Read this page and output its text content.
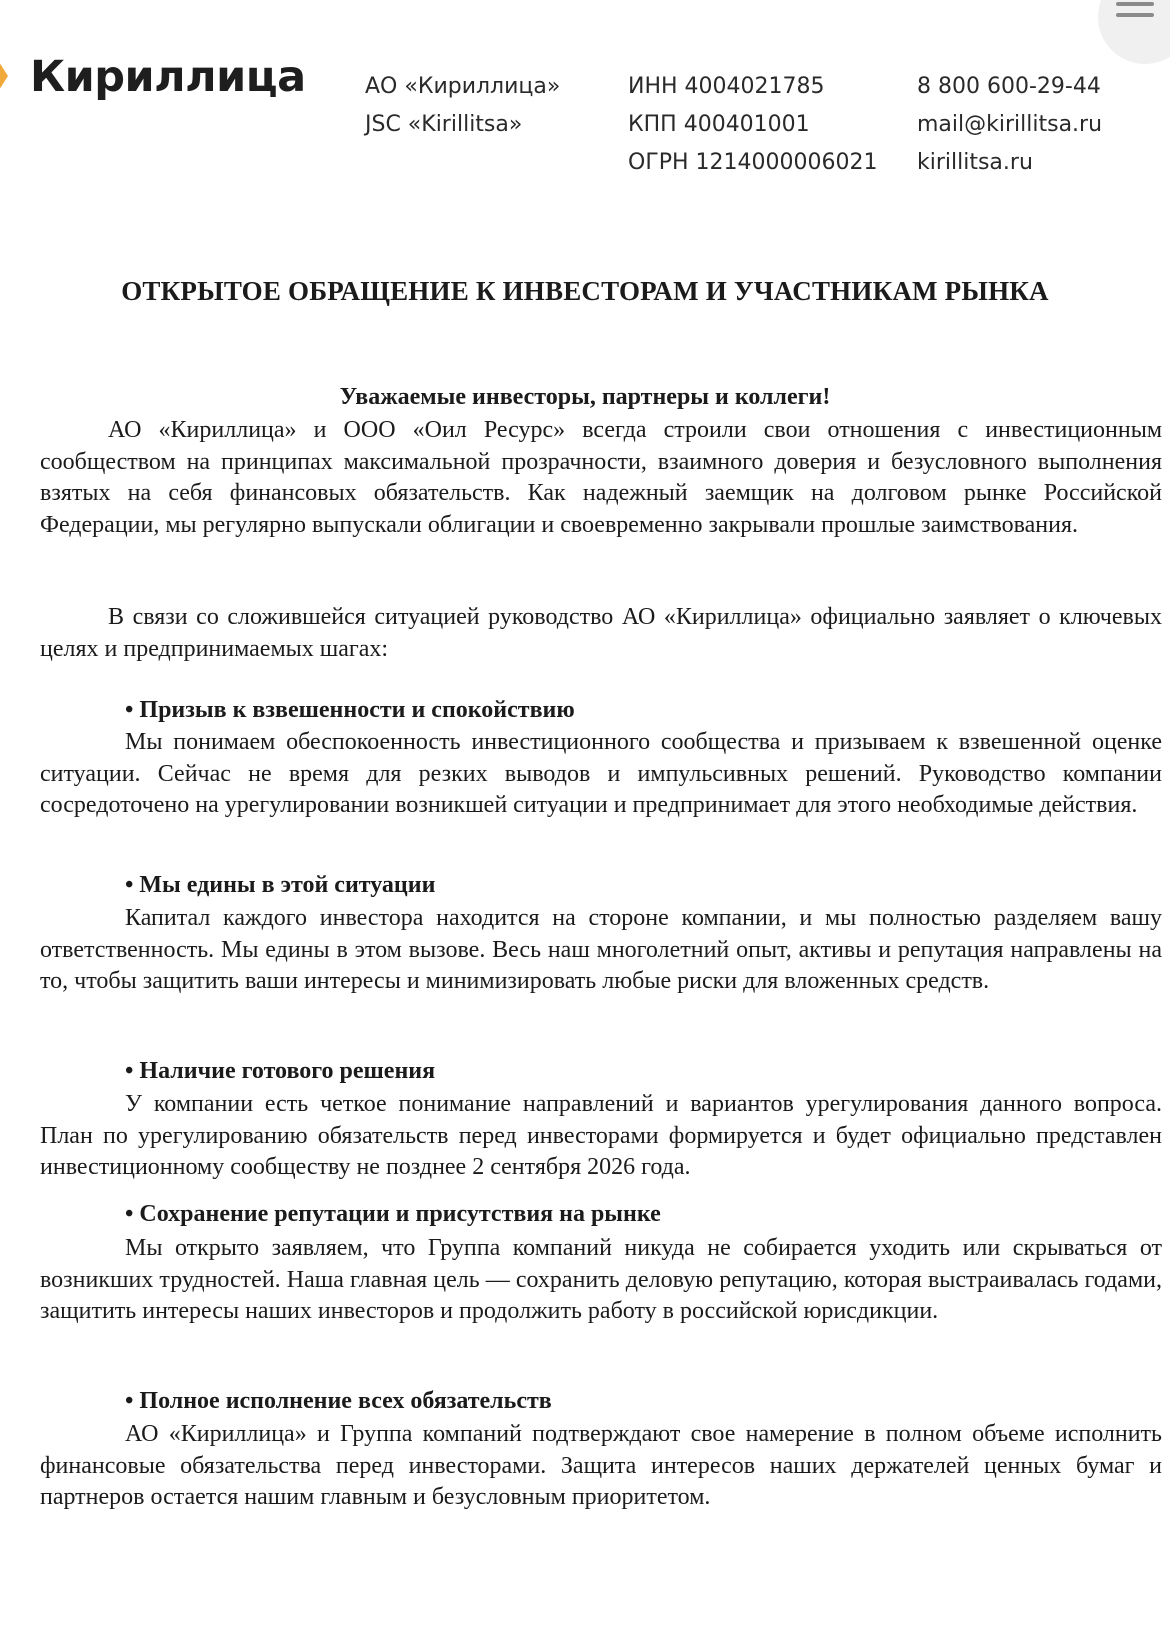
Кириллица	АО «Кириллица»
JSC «Kirillitsa»
ИНН 4004021785
КПП 400401001
ОГРН 1214000006021
8 800 600-29-44
mail@kirillitsa.ru
kirillitsa.ru
ОТКРЫТОЕ ОБРАЩЕНИЕ К ИНВЕСТОРАМ И УЧАСТНИКАМ РЫНКА
Уважаемые инвесторы, партнеры и коллеги!

АО «Кириллица» и ООО «Оил Ресурс» всегда строили свои отношения с инвестиционным сообществом на принципах максимальной прозрачности, взаимного доверия и безусловного выполнения взятых на себя финансовых обязательств. Как надежный заемщик на долговом рынке Российской Федерации, мы регулярно выпускали облигации и своевременно закрывали прошлые заимствования.

В связи со сложившейся ситуацией руководство АО «Кириллица» официально заявляет о ключевых целях и предпринимаемых шагах:

• Призыв к взвешенности и спокойствию

Мы понимаем обеспокоенность инвестиционного сообщества и призываем к взвешенной оценке ситуации. Сейчас не время для резких выводов и импульсивных решений. Руководство компании сосредоточено на урегулировании возникшей ситуации и предпринимает для этого необходимые действия.

• Мы едины в этой ситуации

Капитал каждого инвестора находится на стороне компании, и мы полностью разделяем вашу ответственность. Мы едины в этом вызове. Весь наш многолетний опыт, активы и репутация направлены на то, чтобы защитить ваши интересы и минимизировать любые риски для вложенных средств.

• Наличие готового решения

У компании есть четкое понимание направлений и вариантов урегулирования данного вопроса. План по урегулированию обязательств перед инвесторами формируется и будет официально представлен инвестиционному сообществу не позднее 2 сентября 2026 года.

• Сохранение репутации и присутствия на рынке

Мы открыто заявляем, что Группа компаний никуда не собирается уходить или скрываться от возникших трудностей. Наша главная цель — сохранить деловую репутацию, которая выстраивалась годами, защитить интересы наших инвесторов и продолжить работу в российской юрисдикции.

• Полное исполнение всех обязательств

АО «Кириллица» и Группа компаний подтверждают свое намерение в полном объеме исполнить финансовые обязательства перед инвесторами. Защита интересов наших держателей ценных бумаг и партнеров остается нашим главным и безусловным приоритетом.
